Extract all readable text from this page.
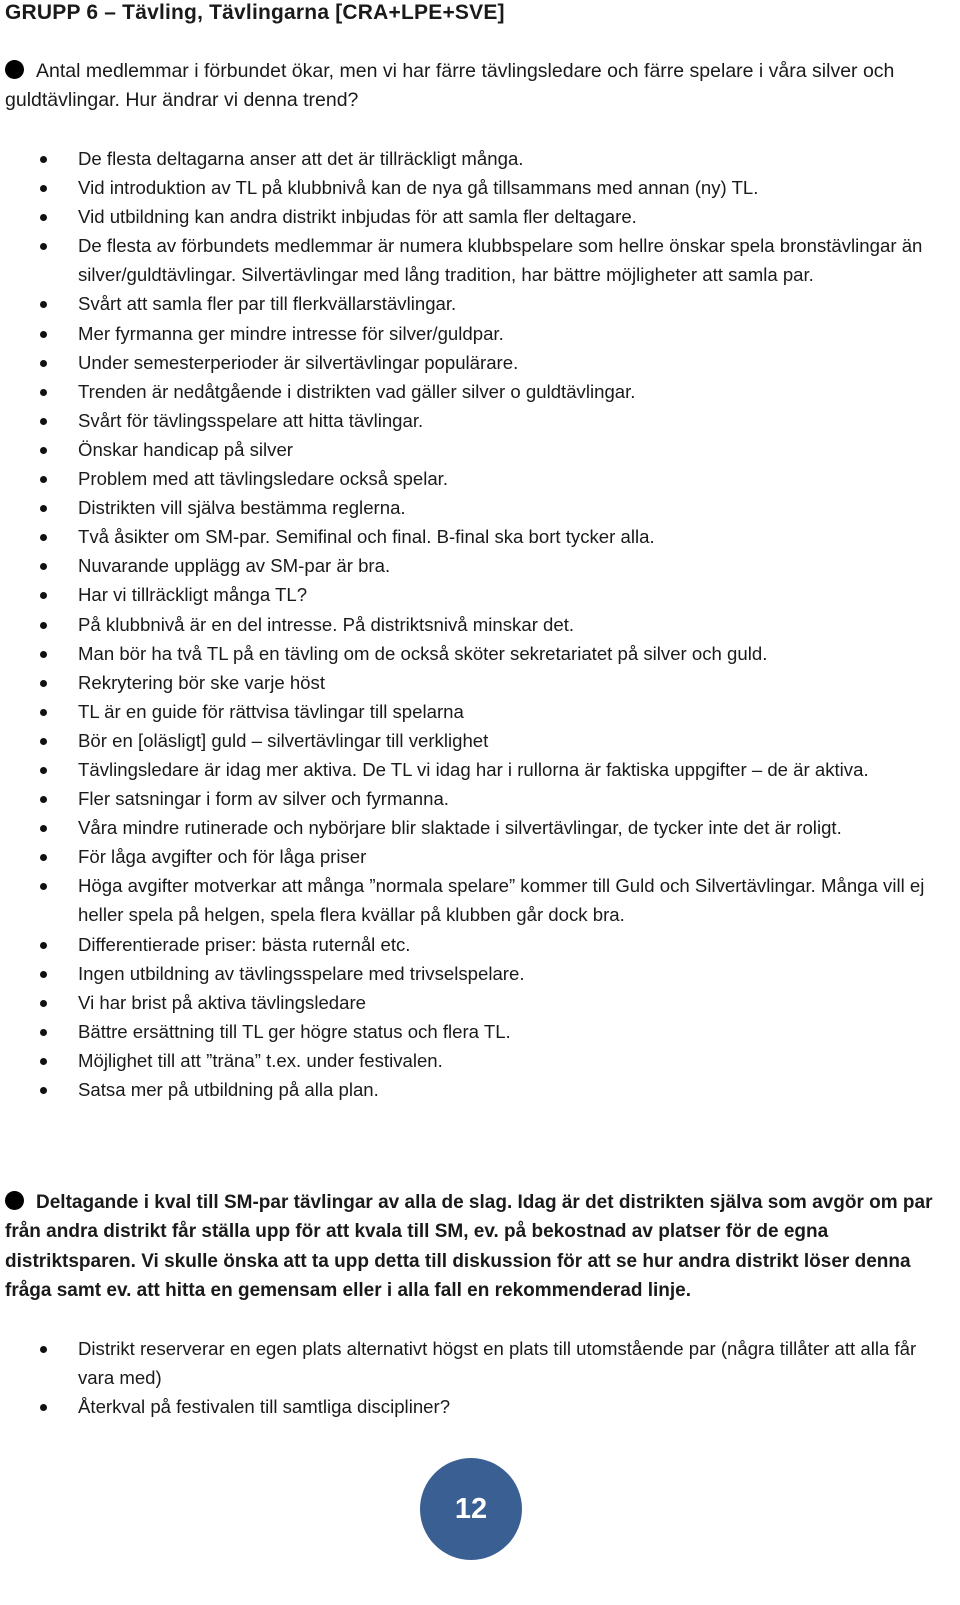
GRUPP 6 – Tävling, Tävlingarna [CRA+LPE+SVE]
Antal medlemmar i förbundet ökar, men vi har färre tävlingsledare och färre spelare i våra silver och guldtävlingar. Hur ändrar vi denna trend?
De flesta deltagarna anser att det är tillräckligt många.
Vid introduktion av TL på klubbnivå kan de nya gå tillsammans med annan (ny) TL.
Vid utbildning kan andra distrikt inbjudas för att samla fler deltagare.
De flesta av förbundets medlemmar är numera klubbspelare som hellre önskar spela bronstävlingar än silver/guldtävlingar. Silvertävlingar med lång tradition, har bättre möjligheter att samla par.
Svårt att samla fler par till flerkvällarstävlingar.
Mer fyrmanna ger mindre intresse för silver/guldpar.
Under semesterperioder är silvertävlingar populärare.
Trenden är nedåtgående i distrikten vad gäller silver o guldtävlingar.
Svårt för tävlingsspelare att hitta tävlingar.
Önskar handicap på silver
Problem med att tävlingsledare också spelar.
Distrikten vill själva bestämma reglerna.
Två åsikter om SM-par. Semifinal och final. B-final ska bort tycker alla.
Nuvarande upplägg av SM-par är bra.
Har vi tillräckligt många TL?
På klubbnivå är en del intresse. På distriktsnivå minskar det.
Man bör ha två TL på en tävling om de också sköter sekretariatet på silver och guld.
Rekrytering bör ske varje höst
TL är en guide för rättvisa tävlingar till spelarna
Bör en [oläsligt] guld – silvertävlingar till verklighet
Tävlingsledare är idag mer aktiva. De TL vi idag har i rullorna är faktiska uppgifter – de är aktiva.
Fler satsningar i form av silver och fyrmanna.
Våra mindre rutinerade och nybörjare blir slaktade i silvertävlingar, de tycker inte det är roligt.
För låga avgifter och för låga priser
Höga avgifter motverkar att många ”normala spelare” kommer till Guld och Silvertävlingar. Många vill ej heller spela på helgen, spela flera kvällar på klubben går dock bra.
Differentierade priser: bästa ruternål etc.
Ingen utbildning av tävlingsspelare med trivselspelare.
Vi har brist på aktiva tävlingsledare
Bättre ersättning till TL ger högre status och flera TL.
Möjlighet till att ”träna” t.ex. under festivalen.
Satsa mer på utbildning på alla plan.
Deltagande i kval till SM-par tävlingar av alla de slag. Idag är det distrikten själva som avgör om par från andra distrikt får ställa upp för att kvala till SM, ev. på bekostnad av platser för de egna distriktsparen. Vi skulle önska att ta upp detta till diskussion för att se hur andra distrikt löser denna fråga samt ev. att hitta en gemensam eller i alla fall en rekommenderad linje.
Distrikt reserverar en egen plats alternativt högst en plats till utomstående par (några tillåter att alla får vara med)
Återkval på festivalen till samtliga discipliner?
12
